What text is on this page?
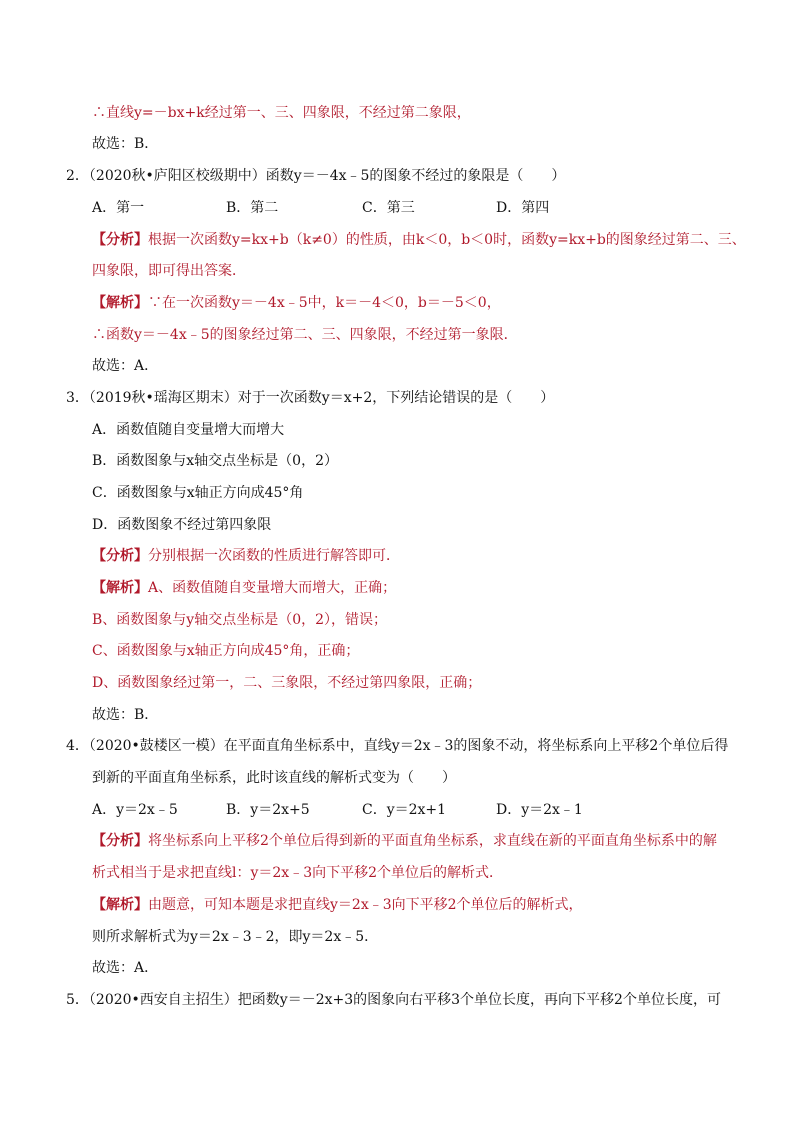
∴直线y=－bx+k经过第一、三、四象限，不经过第二象限，
故选：B．
2．（2020秋•庐阳区校级期中）函数y＝－4x﹣5的图象不经过的象限是（　　）
A．第一	B．第二	C．第三	D．第四
【分析】根据一次函数y=kx+b（k≠0）的性质，由k＜0，b＜0时，函数y=kx+b的图象经过第二、三、
四象限，即可得出答案．
【解析】∵在一次函数y＝－4x﹣5中，k＝－4＜0，b＝－5＜0，
∴函数y＝－4x﹣5的图象经过第二、三、四象限，不经过第一象限．
故选：A．
3．（2019秋•瑶海区期末）对于一次函数y＝x+2，下列结论错误的是（　　）
A．函数值随自变量增大而增大
B．函数图象与x轴交点坐标是（0，2）
C．函数图象与x轴正方向成45°角
D．函数图象不经过第四象限
【分析】分别根据一次函数的性质进行解答即可．
【解析】A、函数值随自变量增大而增大，正确；
B、函数图象与y轴交点坐标是（0，2），错误；
C、函数图象与x轴正方向成45°角，正确；
D、函数图象经过第一，二、三象限，不经过第四象限，正确；
故选：B．
4．（2020•鼓楼区一模）在平面直角坐标系中，直线y＝2x﹣3的图象不动，将坐标系向上平移2个单位后得
到新的平面直角坐标系，此时该直线的解析式变为（　　）
A．y＝2x﹣5	B．y＝2x+5	C．y＝2x+1	D．y＝2x﹣1
【分析】将坐标系向上平移2个单位后得到新的平面直角坐标系，求直线在新的平面直角坐标系中的解
析式相当于是求把直线l：y＝2x﹣3向下平移2个单位后的解析式．
【解析】由题意，可知本题是求把直线y＝2x﹣3向下平移2个单位后的解析式，
则所求解析式为y＝2x﹣3﹣2，即y＝2x﹣5．
故选：A．
5．（2020•西安自主招生）把函数y＝－2x+3的图象向右平移3个单位长度，再向下平移2个单位长度，可
